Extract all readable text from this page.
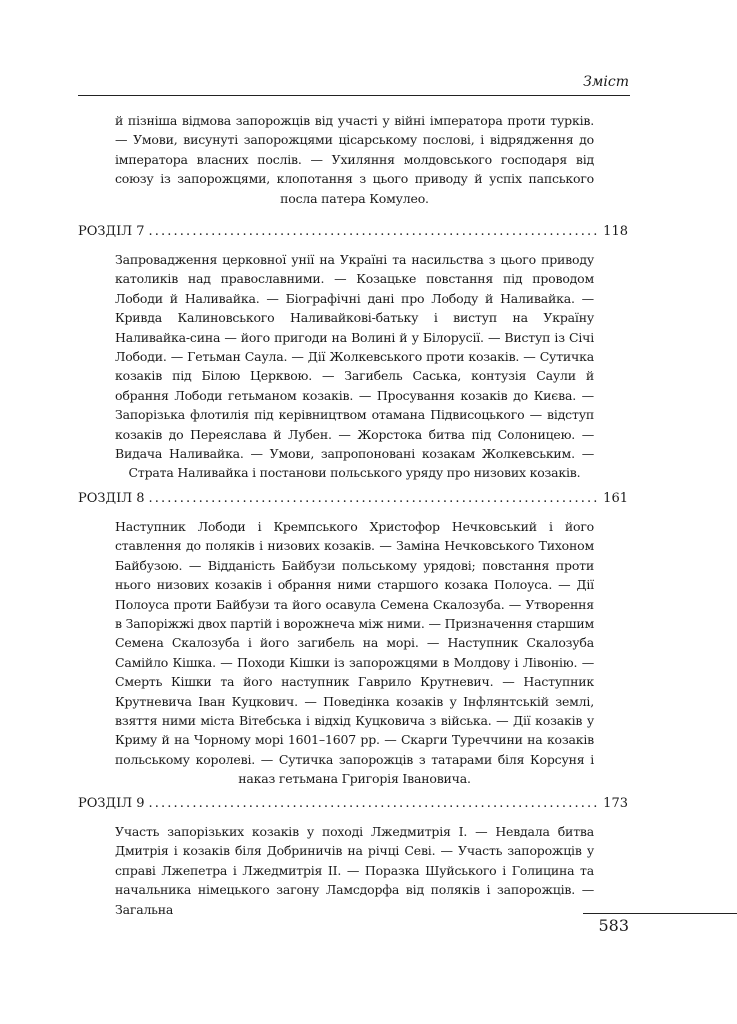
Зміст

й пізніша відмова запорожців від участі у війні імператора проти турків. — Умови, висунуті запорожцями цісарському послові, і відрядження до імператора власних послів. — Ухиляння молдовського господаря від союзу із запорожцями, клопотання з цього приводу й успіх папського посла патера Комулео.

РОЗДІЛ 7 . . .	118

Запровадження церковної унії на Україні та насильства з цього приводу католиків над православними. — Козацьке повстання під проводом Лободи й Наливайка. — Біографічні дані про Лободу й Наливайка. — Кривда Калиновського Наливайкові-батьку і виступ на Україну Наливайка-сина — його пригоди на Волині й у Білорусії. — Виступ із Січі Лободи. — Гетьман Саула. — Дії Жолкевського проти козаків. — Сутичка козаків під Білою Церквою. — Загибель Саська, контузія Саули й обрання Лободи гетьманом козаків. — Просування козаків до Києва. — Запорізька флотилія під керівництвом отамана Підвисоцького — відступ козаків до Переяслава й Лубен. — Жорстока битва під Солоницею. — Видача Наливайка. — Умови, запропоновані козакам Жолкевським. — Страта Наливайка і постанови польського уряду про низових козаків.

РОЗДІЛ 8 . . .	161

Наступник Лободи і Кремпського Христофор Нечковський і його ставлення до поляків і низових козаків. — Заміна Нечковського Тихоном Байбузою. — Відданість Байбузи польському урядові; повстання проти нього низових козаків і обрання ними старшого козака Полоуса. — Дії Полоуса проти Байбузи та його осавула Семена Скалозуба. — Утворення в Запоріжжі двох партій і ворожнеча між ними. — Призначення старшим Семена Скалозуба і його загибель на морі. — Наступник Скалозуба Самійло Кішка. — Походи Кішки із запорожцями в Молдову і Лівонію. — Смерть Кішки та його наступник Гаврило Крутневич. — Наступник Крутневича Іван Куцкович. — Поведінка козаків у Інфлянтській землі, взяття ними міста Вітебська і відхід Куцковича з війська. — Дії козаків у Криму й на Чорному морі 1601–1607 рр. — Скарги Туреччини на козаків польському королеві. — Сутичка запорожців з татарами біля Корсуня і наказ гетьмана Григорія Івановича.

РОЗДІЛ 9 . . .	173

Участь запорізьких козаків у поході Лжедмитрія І. — Невдала битва Дмитрія і козаків біля Добриничів на річці Севі. — Участь запорожців у справі Лжепетра і Лжедмитрія ІІ. — Поразка Шуйського і Голицина та начальника німецького загону Ламсдорфа від поляків і запорожців. — Загальна

583
